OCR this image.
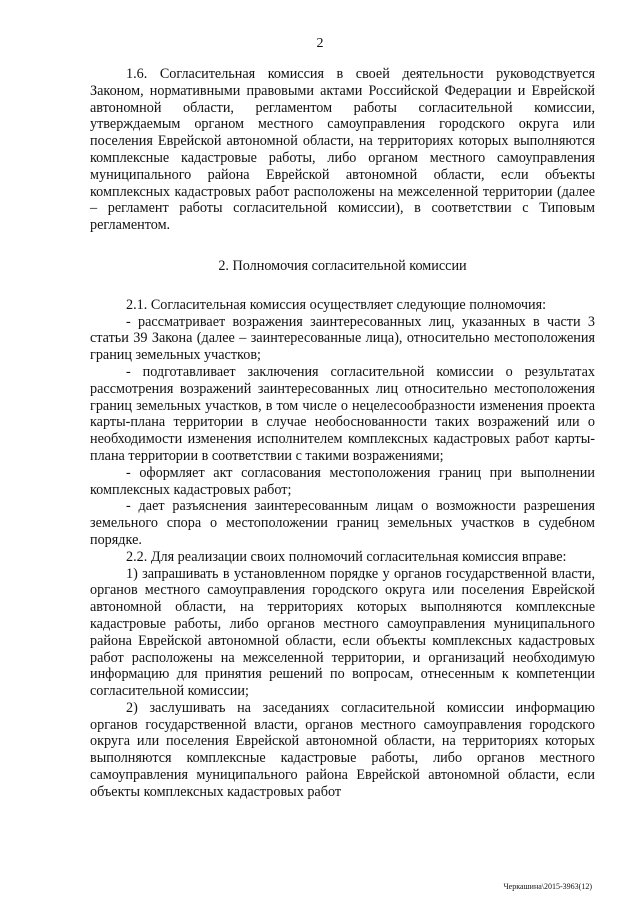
2

1.6. Согласительная комиссия в своей деятельности руководствуется Законом, нормативными правовыми актами Российской Федерации и Еврейской автономной области, регламентом работы согласительной комиссии, утверждаемым органом местного самоуправления городского округа или поселения Еврейской автономной области, на территориях которых выполняются комплексные кадастровые работы, либо органом местного самоуправления муниципального района Еврейской автономной области, если объекты комплексных кадастровых работ расположены на межселенной территории (далее – регламент работы согласительной комиссии), в соответствии с Типовым регламентом.

2. Полномочия согласительной комиссии

2.1. Согласительная комиссия осуществляет следующие полномочия:

- рассматривает возражения заинтересованных лиц, указанных в части 3 статьи 39 Закона (далее – заинтересованные лица), относительно местоположения границ земельных участков;

- подготавливает заключения согласительной комиссии о результатах рассмотрения возражений заинтересованных лиц относительно местоположения границ земельных участков, в том числе о нецелесообразности изменения проекта карты-плана территории в случае необоснованности таких возражений или о необходимости изменения исполнителем комплексных кадастровых работ карты-плана территории в соответствии с такими возражениями;

- оформляет акт согласования местоположения границ при выполнении комплексных кадастровых работ;

- дает разъяснения заинтересованным лицам о возможности разрешения земельного спора о местоположении границ земельных участков в судебном порядке.

2.2. Для реализации своих полномочий согласительная комиссия вправе:

1) запрашивать в установленном порядке у органов государственной власти, органов местного самоуправления городского округа или поселения Еврейской автономной области, на территориях которых выполняются комплексные кадастровые работы, либо органов местного самоуправления муниципального района Еврейской автономной области, если объекты комплексных кадастровых работ расположены на межселенной территории, и организаций необходимую информацию для принятия решений по вопросам, отнесенным к компетенции согласительной комиссии;

2) заслушивать на заседаниях согласительной комиссии информацию органов государственной власти, органов местного самоуправления городского округа или поселения Еврейской автономной области, на территориях которых выполняются комплексные кадастровые работы, либо органов местного самоуправления муниципального района Еврейской автономной области, если объекты комплексных кадастровых работ

Черкашина\2015-3963(12)
